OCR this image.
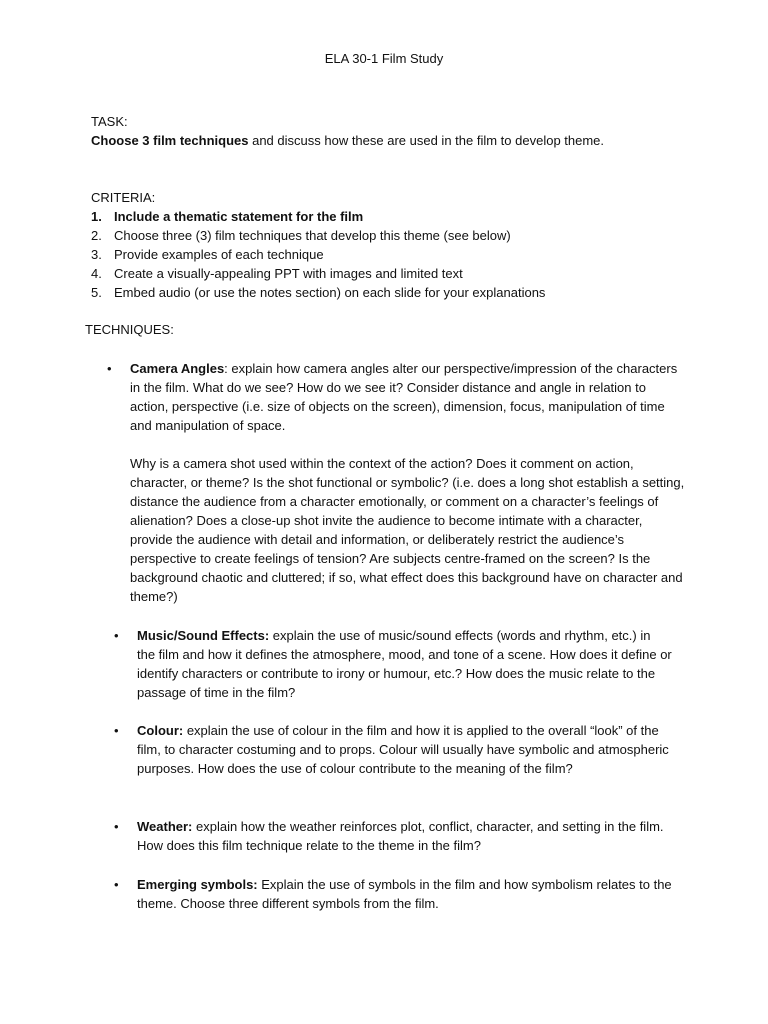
ELA 30-1 Film Study
TASK:
Choose 3 film techniques and discuss how these are used in the film to develop theme.
CRITERIA:
1. Include a thematic statement for the film
2. Choose three (3) film techniques that develop this theme (see below)
3. Provide examples of each technique
4. Create a visually-appealing PPT with images and limited text
5. Embed audio (or use the notes section) on each slide for your explanations
TECHNIQUES:
• Camera Angles: explain how camera angles alter our perspective/impression of the characters in the film. What do we see? How do we see it? Consider distance and angle in relation to action, perspective (i.e. size of objects on the screen), dimension, focus, manipulation of time and manipulation of space.

Why is a camera shot used within the context of the action? Does it comment on action, character, or theme? Is the shot functional or symbolic? (i.e. does a long shot establish a setting, distance the audience from a character emotionally, or comment on a character’s feelings of alienation? Does a close-up shot invite the audience to become intimate with a character, provide the audience with detail and information, or deliberately restrict the audience’s perspective to create feelings of tension? Are subjects centre-framed on the screen? Is the background chaotic and cluttered; if so, what effect does this background have on character and theme?)

• Music/Sound Effects: explain the use of music/sound effects (words and rhythm, etc.) in the film and how it defines the atmosphere, mood, and tone of a scene. How does it define or identify characters or contribute to irony or humour, etc.? How does the music relate to the passage of time in the film?

• Colour: explain the use of colour in the film and how it is applied to the overall “look” of the film, to character costuming and to props. Colour will usually have symbolic and atmospheric purposes. How does the use of colour contribute to the meaning of the film?

• Weather: explain how the weather reinforces plot, conflict, character, and setting in the film. How does this film technique relate to the theme in the film?

• Emerging symbols: Explain the use of symbols in the film and how symbolism relates to the theme. Choose three different symbols from the film.
